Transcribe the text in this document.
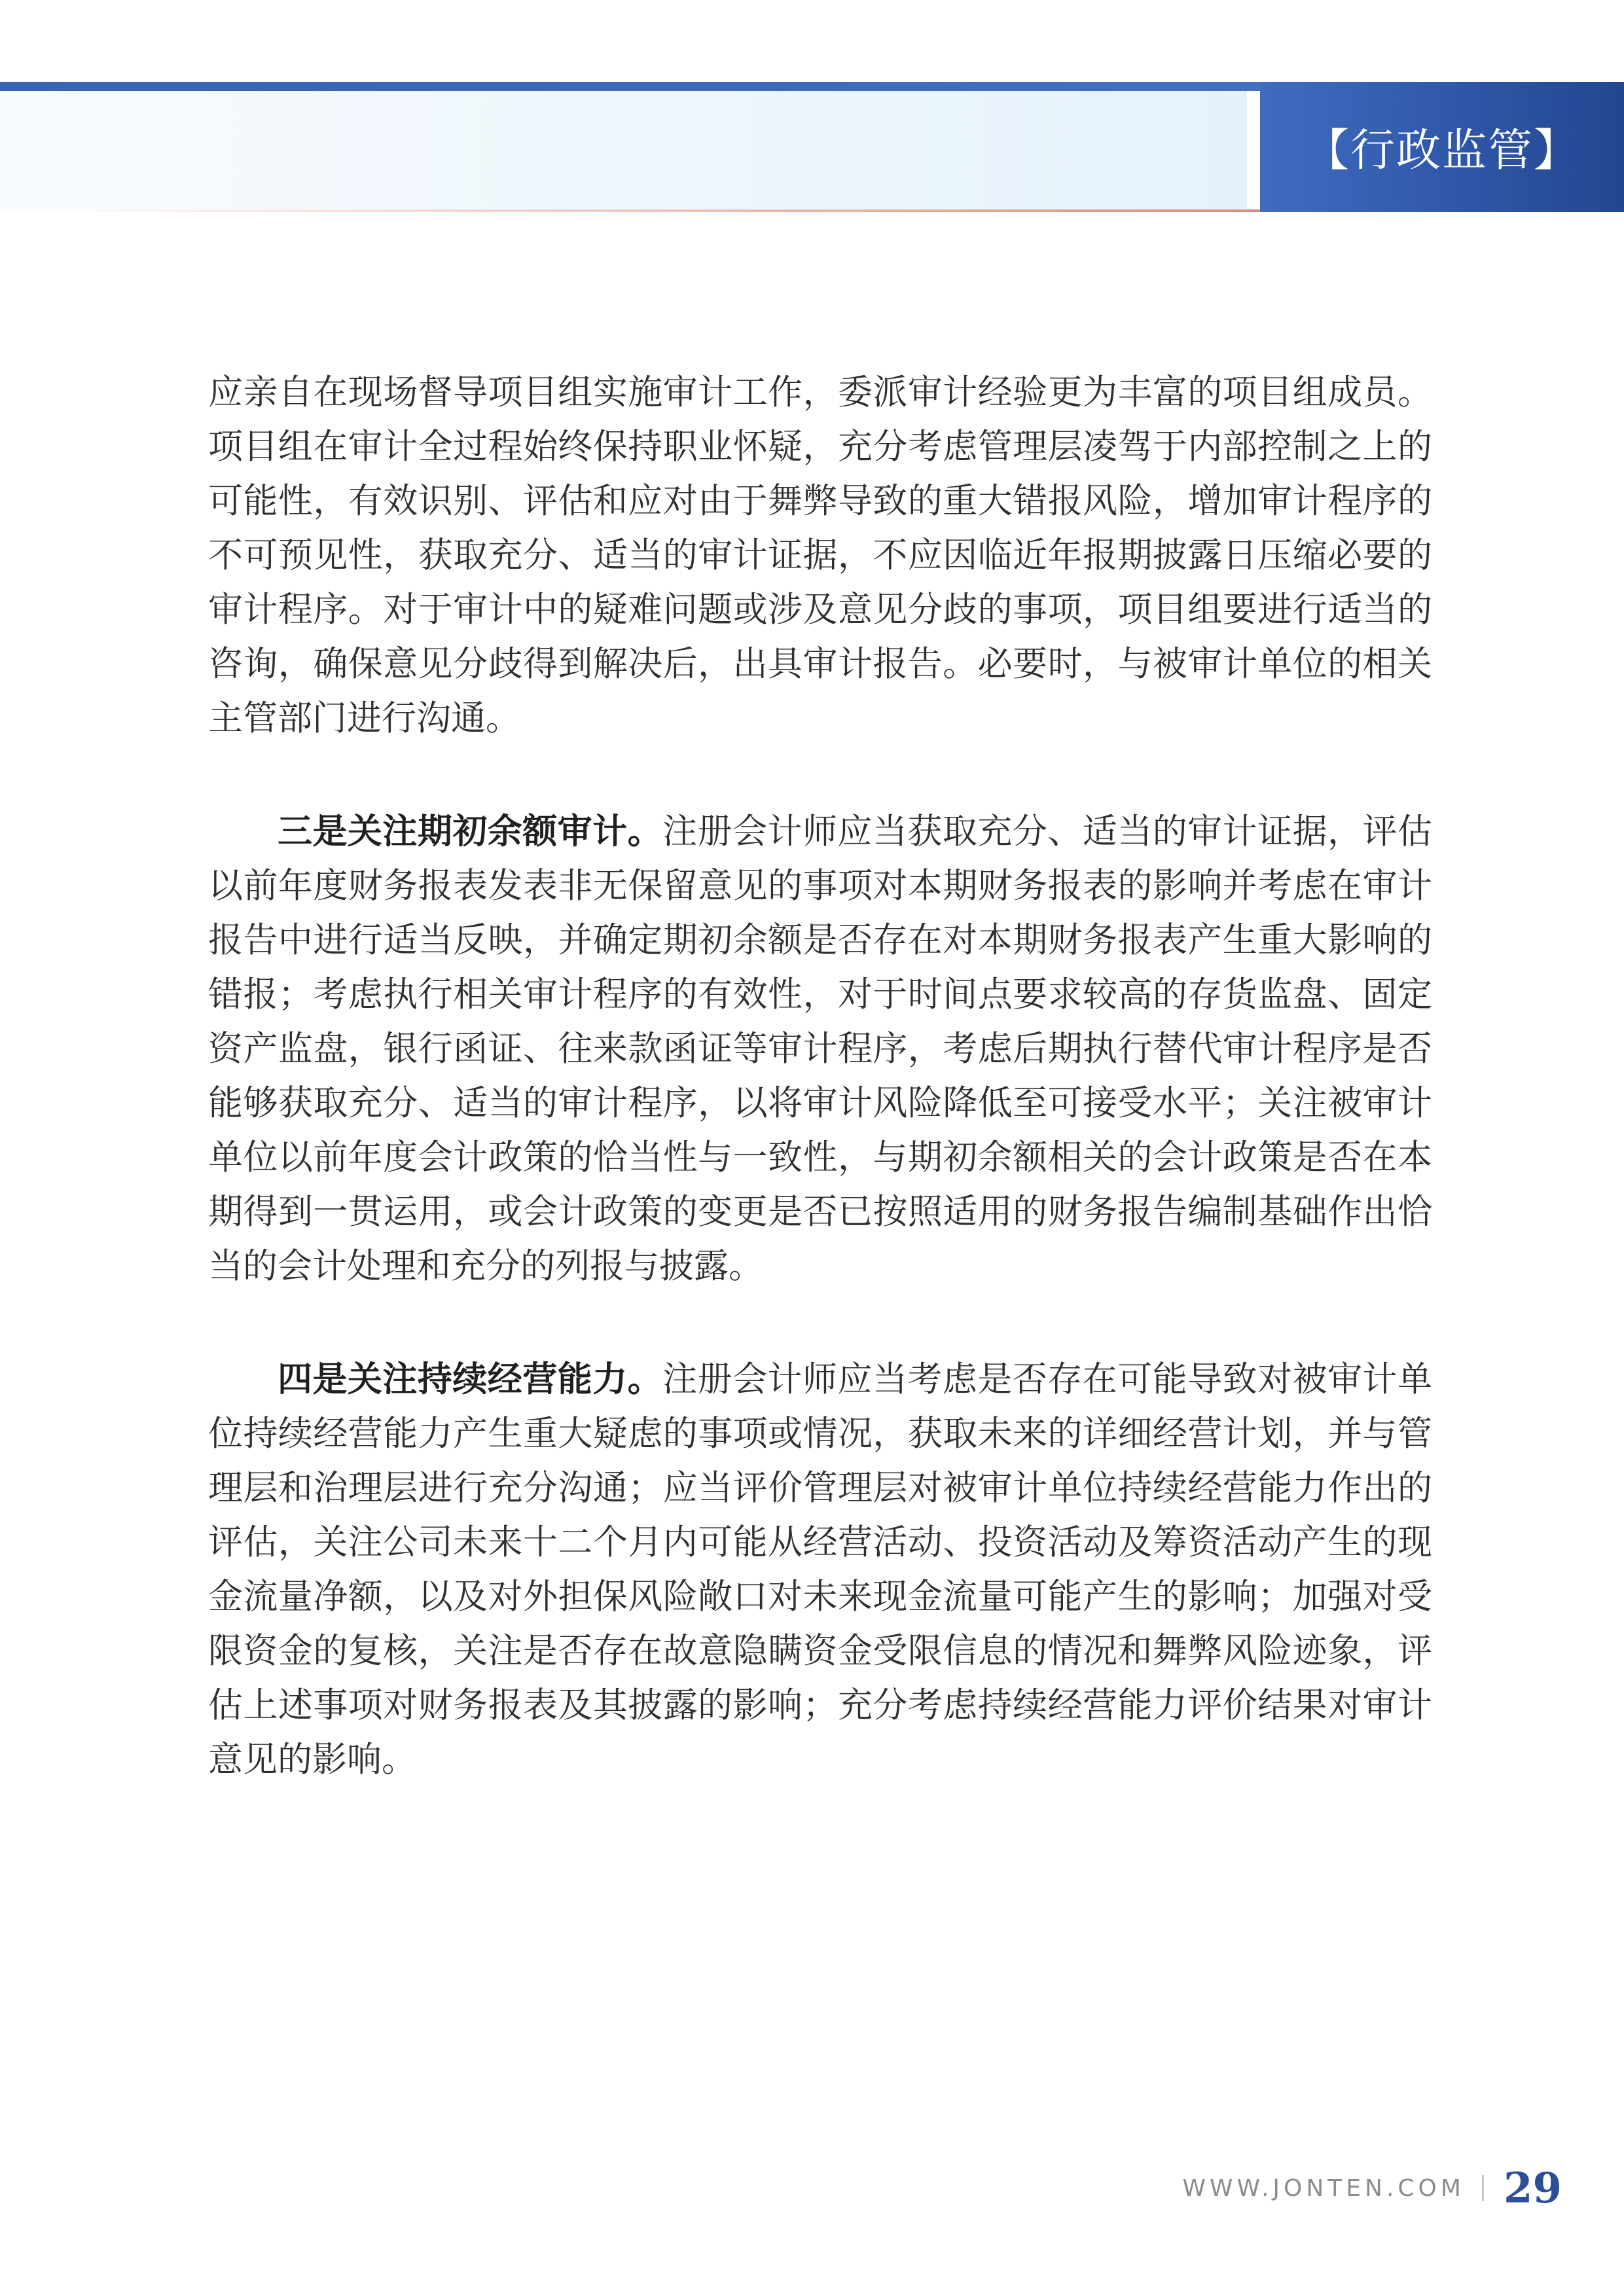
【行政监管】

应亲自在现场督导项目组实施审计工作，委派审计经验更为丰富的项目组成员。项目组在审计全过程始终保持职业怀疑，充分考虑管理层凌驾于内部控制之上的可能性，有效识别、评估和应对由于舞弊导致的重大错报风险，增加审计程序的不可预见性，获取充分、适当的审计证据，不应因临近年报期披露日压缩必要的审计程序。对于审计中的疑难问题或涉及意见分歧的事项，项目组要进行适当的咨询，确保意见分歧得到解决后，出具审计报告。必要时，与被审计单位的相关主管部门进行沟通。

三是关注期初余额审计。注册会计师应当获取充分、适当的审计证据，评估以前年度财务报表发表非无保留意见的事项对本期财务报表的影响并考虑在审计报告中进行适当反映，并确定期初余额是否存在对本期财务报表产生重大影响的错报；考虑执行相关审计程序的有效性，对于时间点要求较高的存货监盘、固定资产监盘，银行函证、往来款函证等审计程序，考虑后期执行替代审计程序是否能够获取充分、适当的审计程序，以将审计风险降低至可接受水平；关注被审计单位以前年度会计政策的恰当性与一致性，与期初余额相关的会计政策是否在本期得到一贯运用，或会计政策的变更是否已按照适用的财务报告编制基础作出恰当的会计处理和充分的列报与披露。

四是关注持续经营能力。注册会计师应当考虑是否存在可能导致对被审计单位持续经营能力产生重大疑虑的事项或情况，获取未来的详细经营计划，并与管理层和治理层进行充分沟通；应当评价管理层对被审计单位持续经营能力作出的评估，关注公司未来十二个月内可能从经营活动、投资活动及筹资活动产生的现金流量净额，以及对外担保风险敞口对未来现金流量可能产生的影响；加强对受限资金的复核，关注是否存在故意隐瞒资金受限信息的情况和舞弊风险迹象，评估上述事项对财务报表及其披露的影响；充分考虑持续经营能力评价结果对审计意见的影响。

WWW.JONTEN.COM 29
